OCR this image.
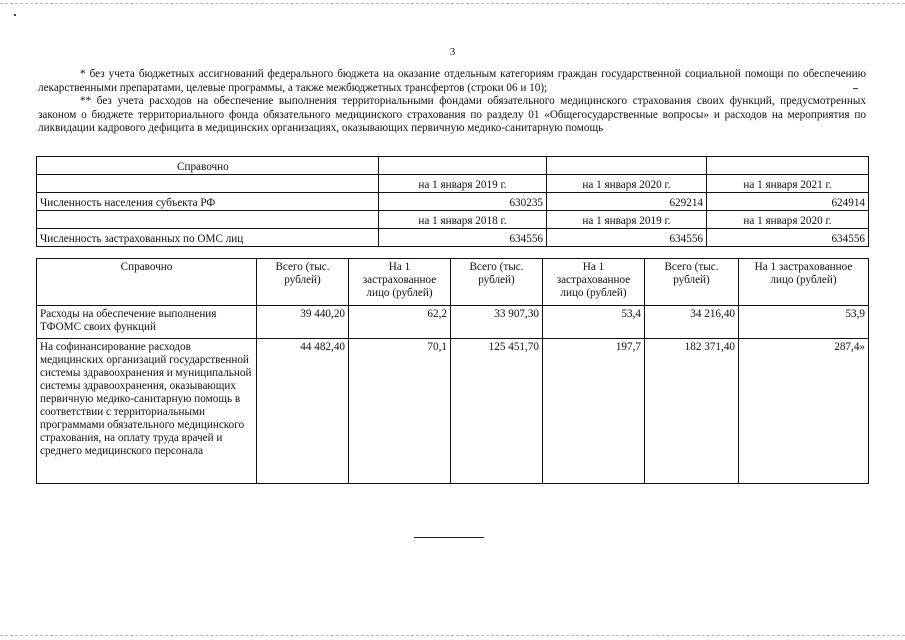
3

* без учета бюджетных ассигнований федерального бюджета на оказание отдельным категориям граждан государственной социальной помощи по обеспечению лекарственными препаратами, целевые программы, а также межбюджетных трансфертов (строки 06 и 10);

** без учета расходов на обеспечение выполнения территориальными фондами обязательного медицинского страхования своих функций, предусмотренных законом о бюджете территориального фонда обязательного медицинского страхования по разделу 01 «Общегосударственные вопросы» и расходов на мероприятия по ликвидации кадрового дефицита в медицинских организациях, оказывающих первичную медико-санитарную помощь

Справочно			
	на 1 января 2019 г.	на 1 января 2020 г.	на 1 января 2021 г.
Численность населения субъекта РФ	630235	629214	624914
	на 1 января 2018 г.	на 1 января 2019 г.	на 1 января 2020 г.
Численность застрахованных по ОМС лиц	634556	634556	634556
Справочно	Всего (тыс. рублей)	На 1 застрахованное лицо (рублей)	Всего (тыс. рублей)	На 1 застрахованное лицо (рублей)	Всего (тыс. рублей)	На 1 застрахованное лицо (рублей)
Расходы на обеспечение выполнения ТФОМС своих функций	39 440,20	62,2	33 907,30	53,4	34 216,40	53,9
На софинансирование расходов медицинских организаций государственной системы здравоохранения и муниципальной системы здравоохранения, оказывающих первичную медико-санитарную помощь в соответствии с территориальными программами обязательного медицинского страхования, на оплату труда врачей и среднего медицинского персонала	44 482,40	70,1	125 451,70	197,7	182 371,40	287,4»
